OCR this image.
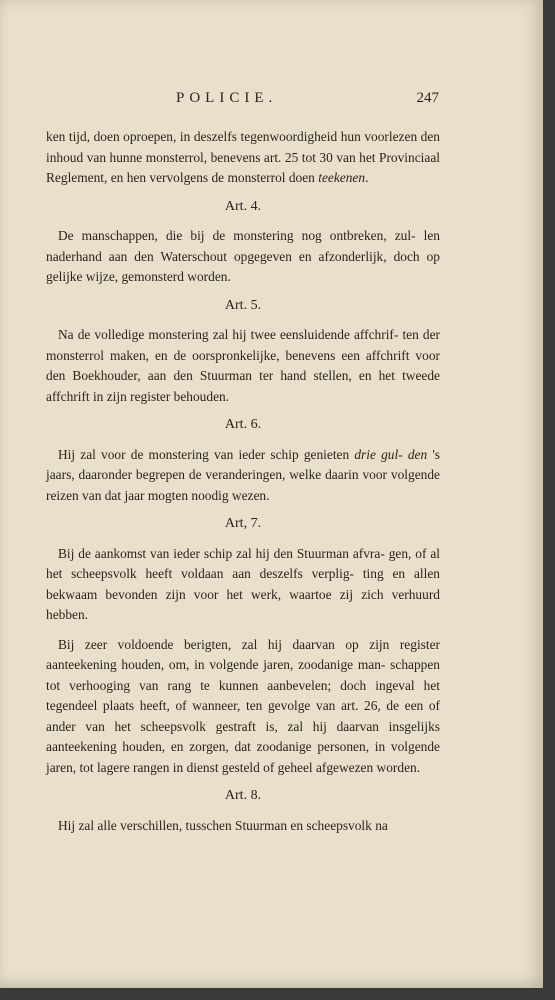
POLICIE.	247

ken tijd, doen oproepen, in deszelfs tegenwoordigheid hun voorlezen den inhoud van hunne monsterrol, benevens art. 25 tot 30 van het Provinciaal Reglement, en hen vervolgens de monsterrol doen teekenen.

Art. 4.

De manschappen, die bij de monstering nog ontbreken, zul- len naderhand aan den Waterschout opgegeven en afzonderlijk, doch op gelijke wijze, gemonsterd worden.

Art. 5.

Na de volledige monstering zal hij twee eensluidende affchrif- ten der monsterrol maken, en de oorspronkelijke, benevens een affchrift voor den Boekhouder, aan den Stuurman ter hand stellen, en het tweede affchrift in zijn register behouden.

Art. 6.

Hij zal voor de monstering van ieder schip genieten drie gul- den 's jaars, daaronder begrepen de veranderingen, welke daarin voor volgende reizen van dat jaar mogten noodig wezen.

Art, 7.

Bij de aankomst van ieder schip zal hij den Stuurman afvra- gen, of al het scheepsvolk heeft voldaan aan deszelfs verplig- ting en allen bekwaam bevonden zijn voor het werk, waartoe zij zich verhuurd hebben.

Bij zeer voldoende berigten, zal hij daarvan op zijn register aanteekening houden, om, in volgende jaren, zoodanige man- schappen tot verhooging van rang te kunnen aanbevelen; doch ingeval het tegendeel plaats heeft, of wanneer, ten gevolge van art. 26, de een of ander van het scheepsvolk gestraft is, zal hij daarvan insgelijks aanteekening houden, en zorgen, dat zoodanige personen, in volgende jaren, tot lagere rangen in dienst gesteld of geheel afgewezen worden.

Art. 8.

Hij zal alle verschillen, tusschen Stuurman en scheepsvolk na
